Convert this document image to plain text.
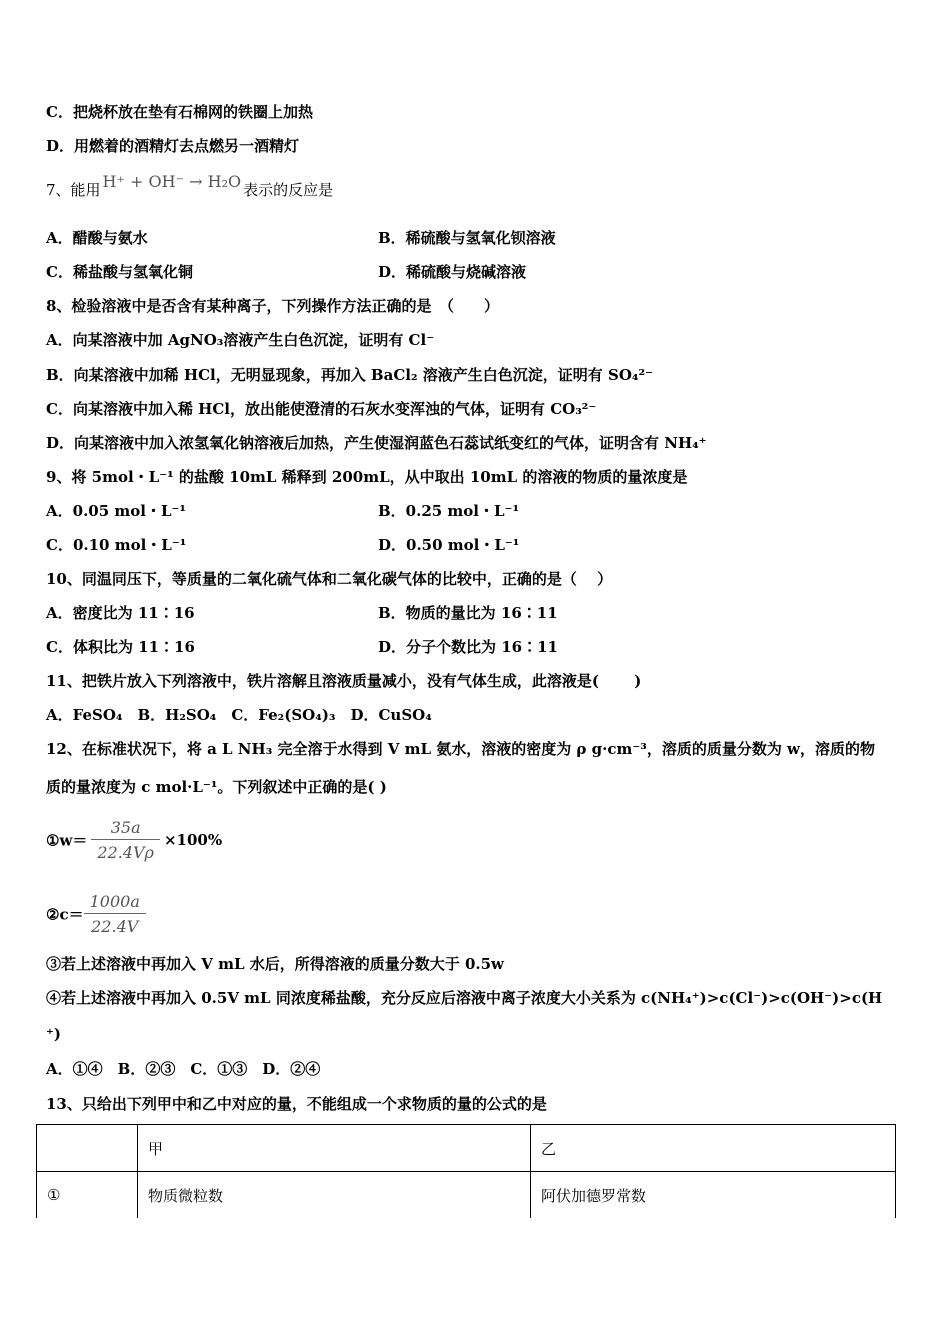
C．把烧杯放在垫有石棉网的铁圈上加热
D．用燃着的酒精灯去点燃另一酒精灯
7、能用 H⁺ + OH⁻ → H₂O 表示的反应是
A．醋酸与氨水	B．稀硫酸与氢氧化钡溶液
C．稀盐酸与氢氧化铜	D．稀硫酸与烧碱溶液
8、检验溶液中是否含有某种离子，下列操作方法正确的是　（　　）
A．向某溶液中加 AgNO₃溶液产生白色沉淀，证明有 Cl⁻
B．向某溶液中加稀 HCl，无明显现象，再加入 BaCl₂ 溶液产生白色沉淀，证明有 SO₄²⁻
C．向某溶液中加入稀 HCl，放出能使澄清的石灰水变浑浊的气体，证明有 CO₃²⁻
D．向某溶液中加入浓氢氧化钠溶液后加热，产生使湿润蓝色石蕊试纸变红的气体，证明含有 NH₄⁺
9、将 5mol・L⁻¹ 的盐酸 10mL 稀释到 200mL，从中取出 10mL 的溶液的物质的量浓度是
A．0.05 mol・L⁻¹	B．0.25 mol・L⁻¹
C．0.10 mol・L⁻¹	D．0.50 mol・L⁻¹
10、同温同压下，等质量的二氧化硫气体和二氧化碳气体的比较中，正确的是（　 ）
A．密度比为 11∶16	B．物质的量比为 16∶11
C．体积比为 11∶16	D．分子个数比为 16∶11
11、把铁片放入下列溶液中，铁片溶解且溶液质量减小，没有气体生成，此溶液是(　　 )
A．FeSO₄　B．H₂SO₄　C．Fe₂(SO₄)₃　D．CuSO₄
12、在标准状况下，将 a L NH₃ 完全溶于水得到 V mL 氨水，溶液的密度为 ρ g·cm⁻³，溶质的质量分数为 w，溶质的物
质的量浓度为 c mol·L⁻¹。下列叙述中正确的是( )
①w＝ $\frac{35a}{22.4V\rho} \times 100\%$
②c＝ $\frac{1000a}{22.4V}$
③若上述溶液中再加入 V mL 水后，所得溶液的质量分数大于 0.5w
④若上述溶液中再加入 0.5V mL 同浓度稀盐酸，充分反应后溶液中离子浓度大小关系为 c(NH₄⁺)>c(Cl⁻)>c(OH⁻)>c(H
⁺)
A．①④　B．②③　C．①③　D．②④
13、只给出下列甲中和乙中对应的量，不能组成一个求物质的量的公式的是
	甲	乙
①	物质微粒数	阿伏加德罗常数
